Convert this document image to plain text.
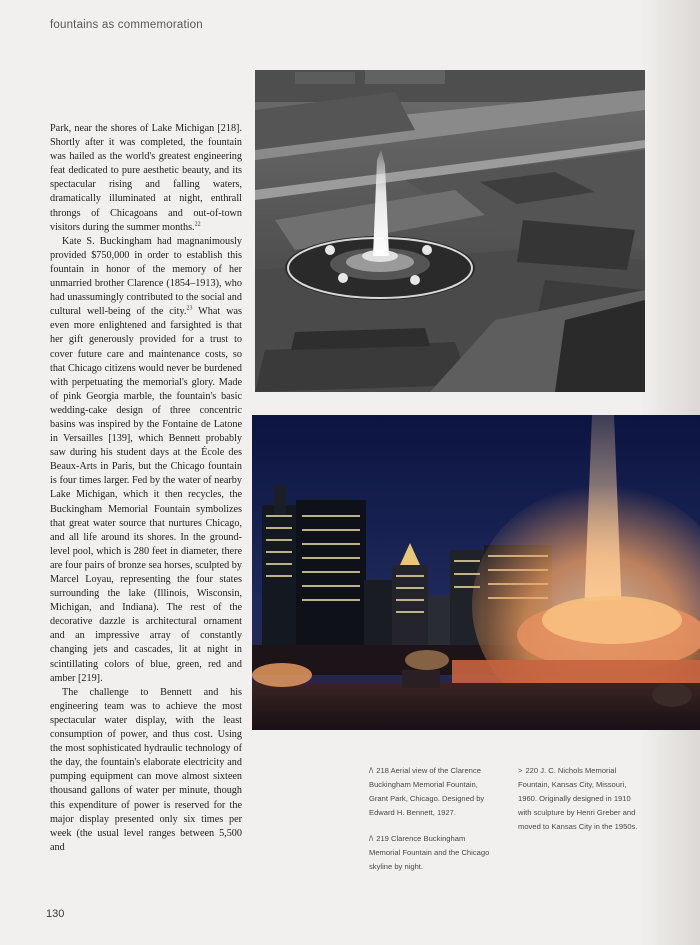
fountains as commemoration

Park, near the shores of Lake Michigan [218]. Shortly after it was completed, the fountain was hailed as the world's greatest engineering feat dedicated to pure aesthetic beauty, and its spectacular rising and falling waters, dramatically illuminated at night, enthrall throngs of Chicagoans and out-of-town visitors during the summer months.$^{22}$

Kate S. Buckingham had magnanimously provided $750,000 in order to establish this fountain in honor of the memory of her unmarried brother Clarence (1854–1913), who had unassumingly contributed to the social and cultural well-being of the city.$^{23}$ What was even more enlightened and farsighted is that her gift generously provided for a trust to cover future care and maintenance costs, so that Chicago citizens would never be burdened with perpetuating the memorial's glory. Made of pink Georgia marble, the fountain's basic wedding-cake design of three concentric basins was inspired by the Fontaine de Latone in Versailles [139], which Bennett probably saw during his student days at the École des Beaux-Arts in Paris, but the Chicago fountain is four times larger. Fed by the water of nearby Lake Michigan, which it then recycles, the Buckingham Memorial Fountain symbolizes that great water source that nurtures Chicago, and all life around its shores. In the ground-level pool, which is 280 feet in diameter, there are four pairs of bronze sea horses, sculpted by Marcel Loyau, representing the four states surrounding the lake (Illinois, Wisconsin, Michigan, and Indiana). The rest of the decorative dazzle is architectural ornament and an impressive array of constantly changing jets and cascades, lit at night in scintillating colors of blue, green, red and amber [219].

The challenge to Bennett and his engineering team was to achieve the most spectacular water display, with the least consumption of power, and thus cost. Using the most sophisticated hydraulic technology of the day, the fountain's elaborate electricity and pumping equipment can move almost sixteen thousand gallons of water per minute, though this expenditure of power is reserved for the major display presented only six times per week (the usual level ranges between 5,500 and

/\ 218 Aerial view of the Clarence Buckingham Memorial Fountain, Grant Park, Chicago. Designed by Edward H. Bennett, 1927.
/\ 219 Clarence Buckingham Memorial Fountain and the Chicago skyline by night.
> 220 J. C. Nichols Memorial Fountain, Kansas City, Missouri, 1960. Originally designed in 1910 with sculpture by Henri Greber and moved to Kansas City in the 1950s.
130
